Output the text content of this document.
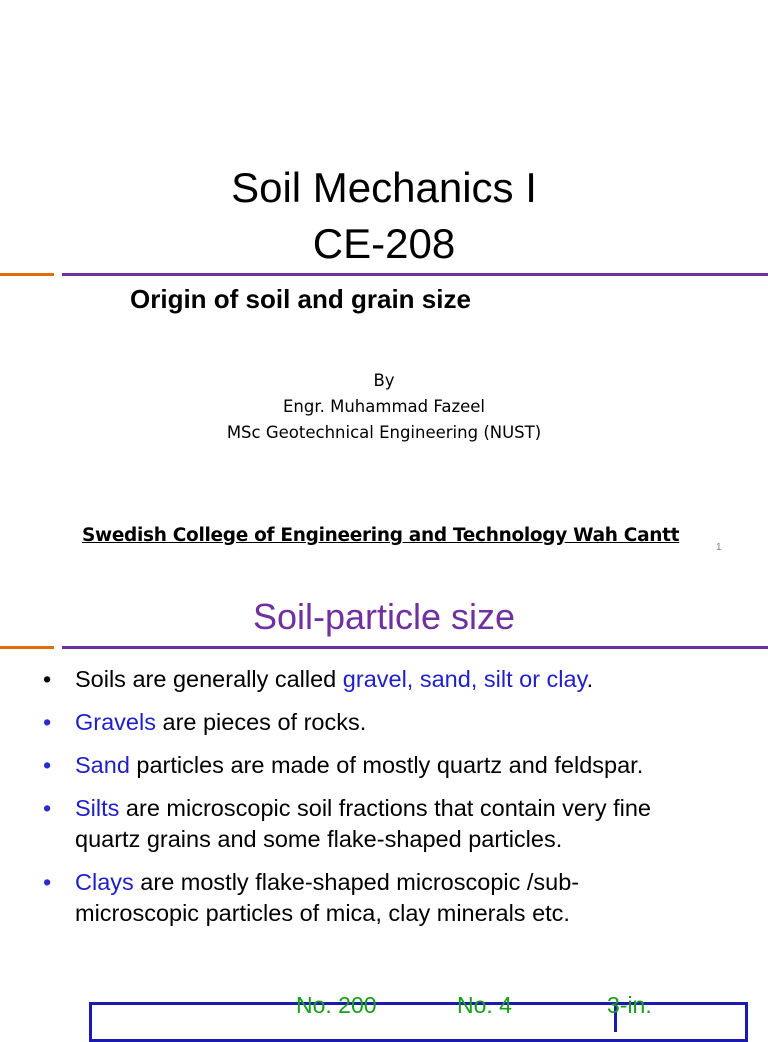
Soil Mechanics I
CE-208
Origin of soil and grain size
By
Engr. Muhammad Fazeel
MSc Geotechnical Engineering (NUST)
Swedish College of Engineering and Technology Wah Cantt
1
Soil-particle size
• Soils are generally called gravel, sand, silt or clay.
• Gravels are pieces of rocks.
• Sand particles are made of mostly quartz and feldspar.
• Silts are microscopic soil fractions that contain very fine quartz grains and some flake-shaped particles.
• Clays are mostly flake-shaped microscopic /sub-microscopic particles of mica, clay minerals etc.
No. 200	No. 4	3-in.
